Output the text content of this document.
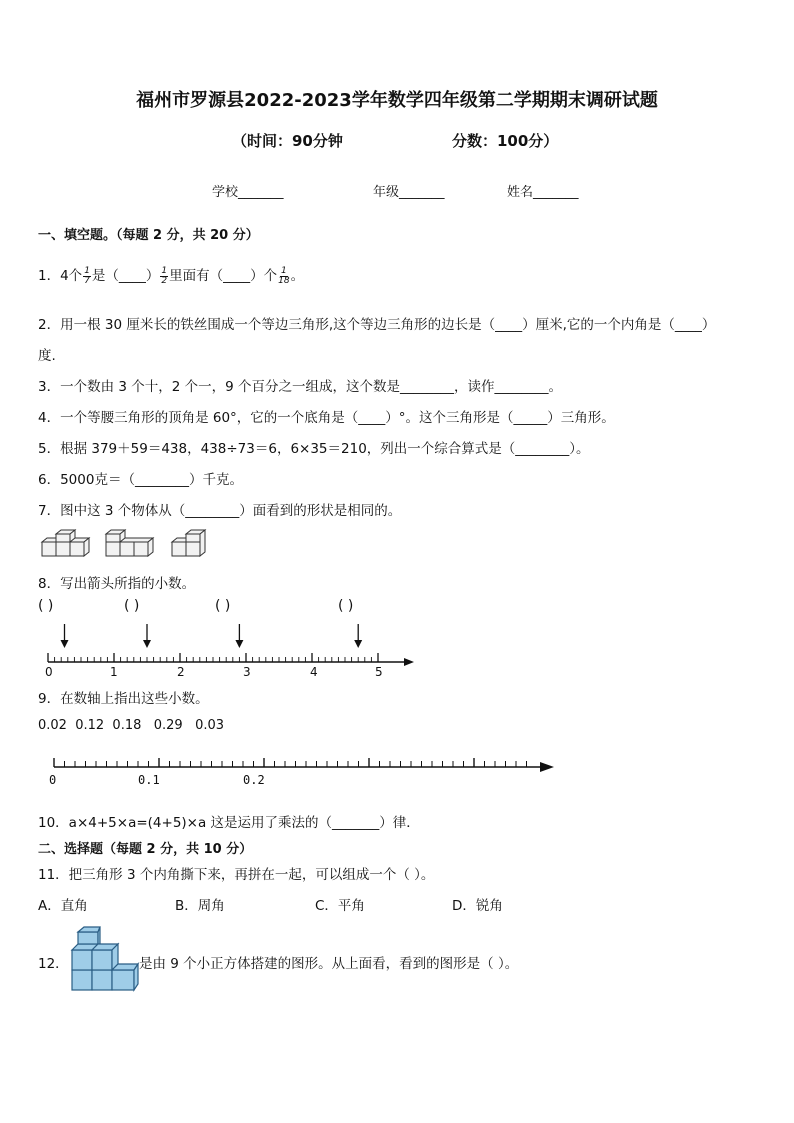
福州市罗源县2022-2023学年数学四年级第二学期期末调研试题
（时间：90分钟	分数：100分）
学校_______	年级_______	姓名_______
一、填空题。（每题 2 分，共 20 分）
1．4个 $\frac{1}{7}$ 是（____） $\frac{1}{2}$ 里面有（____）个 $\frac{1}{18}$ 。
2．用一根 30 厘米长的铁丝围成一个等边三角形,这个等边三角形的边长是（____）厘米,它的一个内角是（____）
度.
3．一个数由 3 个十，2 个一，9 个百分之一组成，这个数是________，读作________。
4．一个等腰三角形的顶角是 60°，它的一个底角是（____）°。这个三角形是（_____）三角形。
5．根据 379＋59＝438，438÷73＝6，6×35＝210，列出一个综合算式是（________）。
6．5000克＝（________）千克。
7．图中这 3 个物体从（________）面看到的形状是相同的。
8．写出箭头所指的小数。
( )	( )	( )	( )
0	1	2	3	4	5
9．在数轴上指出这些小数。
0.02  0.12  0.18   0.29   0.03
0	0.1	0.2
10．a×4+5×a=(4+5)×a 这是运用了乘法的（_______）律．
二、选择题（每题 2 分，共 10 分）
11．把三角形 3 个内角撕下来，再拼在一起，可以组成一个（ ）。
A．直角	B．周角	C．平角	D．锐角
12．	是由 9 个小正方体搭建的图形。从上面看，看到的图形是（ ）。
